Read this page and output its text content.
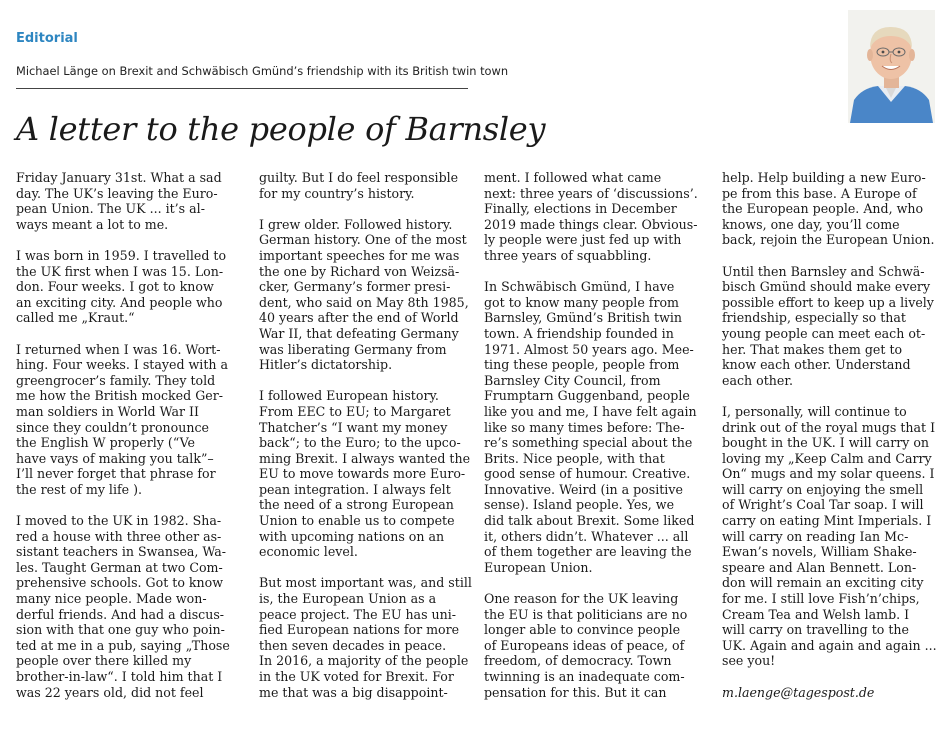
Editorial
Michael Länge on Brexit and Schwäbisch Gmünd’s friendship with its British twin town
A letter to the people of Barnsley

Friday January 31st. What a sad
day. The UK’s leaving the Euro-
pean Union. The UK ... it’s al-
ways meant a lot to me.

I was born in 1959. I travelled to
the UK first when I was 15. Lon-
don. Four weeks. I got to know
an exciting city. And people who
called me „Kraut.“

I returned when I was 16. Wort-
hing. Four weeks. I stayed with a
greengrocer’s family. They told
me how the British mocked Ger-
man soldiers in World War II
since they couldn’t pronounce
the English W properly (“Ve
have vays of making you talk”–
I’ll never forget that phrase for
the rest of my life ).

I moved to the UK in 1982. Sha-
red a house with three other as-
sistant teachers in Swansea, Wa-
les. Taught German at two Com-
prehensive schools. Got to know
many nice people. Made won-
derful friends. And had a discus-
sion with that one guy who poin-
ted at me in a pub, saying „Those
people over there killed my
brother-in-law“. I told him that I
was 22 years old, did not feel

guilty. But I do feel responsible
for my country’s history.

I grew older. Followed history.
German history. One of the most
important speeches for me was
the one by Richard von Weizsä-
cker, Germany’s former presi-
dent, who said on May 8th 1985,
40 years after the end of World
War II, that defeating Germany
was liberating Germany from
Hitler’s dictatorship.

I followed European history.
From EEC to EU; to Margaret
Thatcher’s “I want my money
back“; to the Euro; to the upco-
ming Brexit. I always wanted the
EU to move towards more Euro-
pean integration. I always felt
the need of a strong European
Union to enable us to compete
with upcoming nations on an
economic level.

But most important was, and still
is, the European Union as a
peace project. The EU has uni-
fied European nations for more
then seven decades in peace.
In 2016, a majority of the people
in the UK voted for Brexit. For
me that was a big disappoint-

ment. I followed what came
next: three years of ‘discussions’.
Finally, elections in December
2019 made things clear. Obvious-
ly people were just fed up with
three years of squabbling.

In Schwäbisch Gmünd, I have
got to know many people from
Barnsley, Gmünd’s British twin
town. A friendship founded in
1971. Almost 50 years ago. Mee-
ting these people, people from
Barnsley City Council, from
Frumptarn Guggenband, people
like you and me, I have felt again
like so many times before: The-
re’s something special about the
Brits. Nice people, with that
good sense of humour. Creative.
Innovative. Weird (in a positive
sense). Island people. Yes, we
did talk about Brexit. Some liked
it, others didn’t. Whatever ... all
of them together are leaving the
European Union.

One reason for the UK leaving
the EU is that politicians are no
longer able to convince people
of Europeans ideas of peace, of
freedom, of democracy. Town
twinning is an inadequate com-
pensation for this. But it can

help. Help building a new Euro-
pe from this base. A Europe of
the European people. And, who
knows, one day, you’ll come
back, rejoin the European Union.

Until then Barnsley and Schwä-
bisch Gmünd should make every
possible effort to keep up a lively
friendship, especially so that
young people can meet each ot-
her. That makes them get to
know each other. Understand
each other.

I, personally, will continue to
drink out of the royal mugs that I
bought in the UK. I will carry on
loving my „Keep Calm and Carry
On“ mugs and my solar queens. I
will carry on enjoying the smell
of Wright’s Coal Tar soap. I will
carry on eating Mint Imperials. I
will carry on reading Ian Mc-
Ewan’s novels, William Shake-
speare and Alan Bennett. Lon-
don will remain an exciting city
for me. I still love Fish’n’chips,
Cream Tea and Welsh lamb. I
will carry on travelling to the
UK. Again and again and again ...
see you!

m.laenge@tagespost.de
